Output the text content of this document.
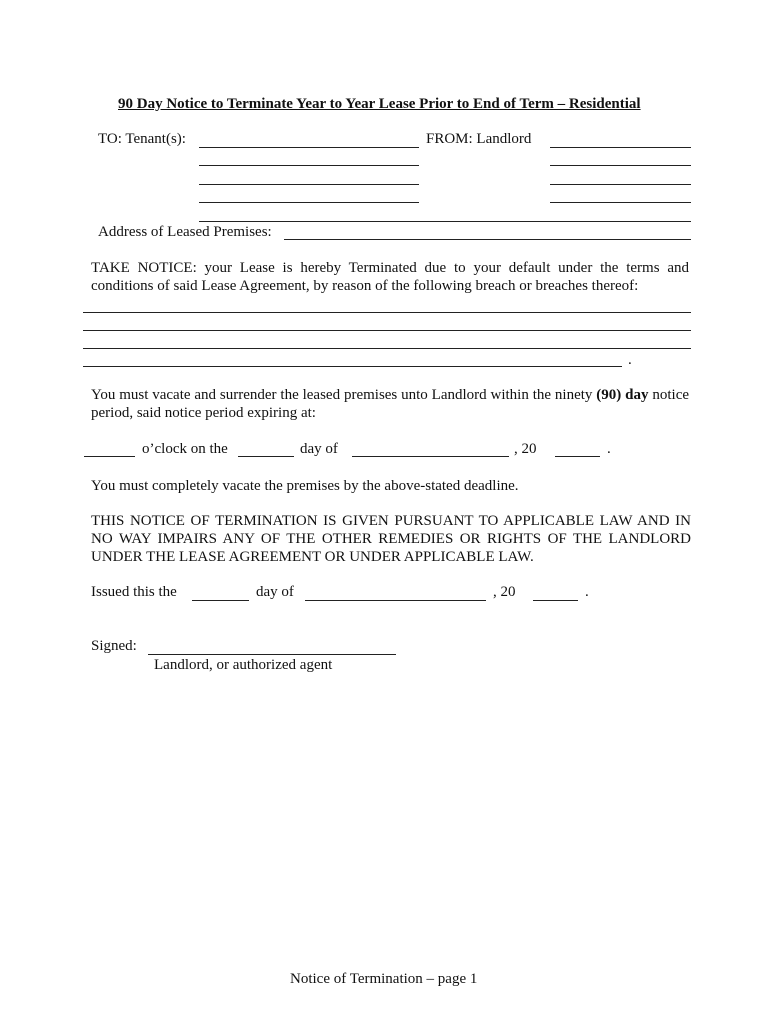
90 Day Notice to Terminate Year to Year Lease Prior to End of Term – Residential
TO: Tenant(s):	FROM: Landlord
Address of Leased Premises:
TAKE NOTICE: your Lease is hereby Terminated due to your default under the terms and conditions of said Lease Agreement, by reason of the following breach or breaches thereof:
.
You must vacate and surrender the leased premises unto Landlord within the ninety (90) day notice period, said notice period expiring at:
o’clock on the	day of	, 20	.
You must completely vacate the premises by the above-stated deadline.
THIS NOTICE OF TERMINATION IS GIVEN PURSUANT TO APPLICABLE LAW AND IN NO WAY IMPAIRS ANY OF THE OTHER REMEDIES OR RIGHTS OF THE LANDLORD UNDER THE LEASE AGREEMENT OR UNDER APPLICABLE LAW.
Issued this the	day of	, 20	.
Signed:
Landlord, or authorized agent
Notice of Termination – page 1
